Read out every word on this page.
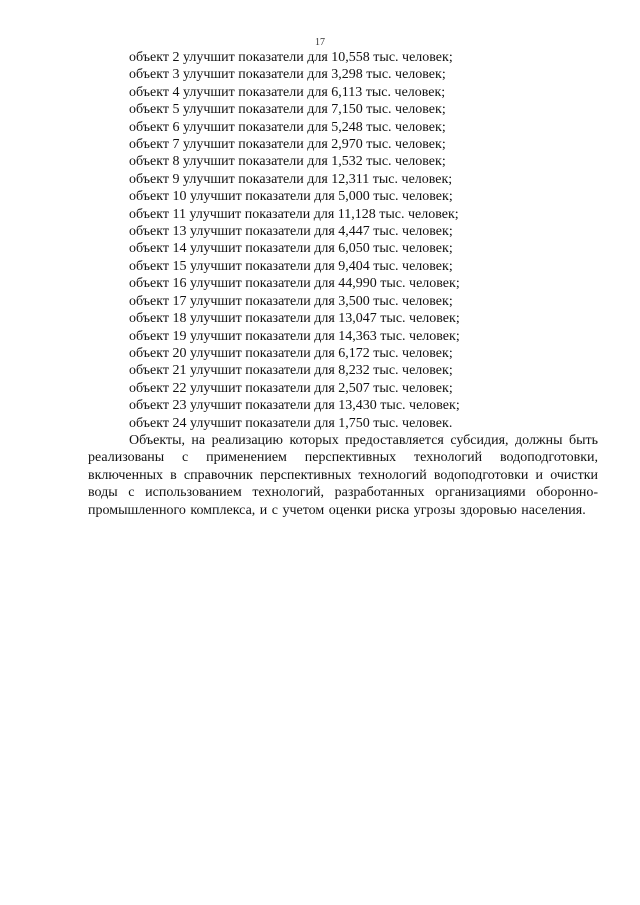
17

объект 2 улучшит показатели для 10,558 тыс. человек;

объект 3 улучшит показатели для 3,298 тыс. человек;

объект 4 улучшит показатели для 6,113 тыс. человек;

объект 5 улучшит показатели для 7,150 тыс. человек;

объект 6 улучшит показатели для 5,248 тыс. человек;

объект 7 улучшит показатели для 2,970 тыс. человек;

объект 8 улучшит показатели для 1,532 тыс. человек;

объект 9 улучшит показатели для 12,311 тыс. человек;

объект 10 улучшит показатели для 5,000 тыс. человек;

объект 11 улучшит показатели для 11,128 тыс. человек;

объект 13 улучшит показатели для 4,447 тыс. человек;

объект 14 улучшит показатели для 6,050 тыс. человек;

объект 15 улучшит показатели для 9,404 тыс. человек;

объект 16 улучшит показатели для 44,990 тыс. человек;

объект 17 улучшит показатели для 3,500 тыс. человек;

объект 18 улучшит показатели для 13,047 тыс. человек;

объект 19 улучшит показатели для 14,363 тыс. человек;

объект 20 улучшит показатели для 6,172 тыс. человек;

объект 21 улучшит показатели для 8,232 тыс. человек;

объект 22 улучшит показатели для 2,507 тыс. человек;

объект 23 улучшит показатели для 13,430 тыс. человек;

объект 24 улучшит показатели для 1,750 тыс. человек.

Объекты, на реализацию которых предоставляется субсидия, должны быть реализованы с применением перспективных технологий водоподготовки, включенных в справочник перспективных технологий водоподготовки и очистки воды с использованием технологий, разработанных организациями оборонно-промышленного комплекса, и с учетом оценки риска угрозы здоровью населения.
